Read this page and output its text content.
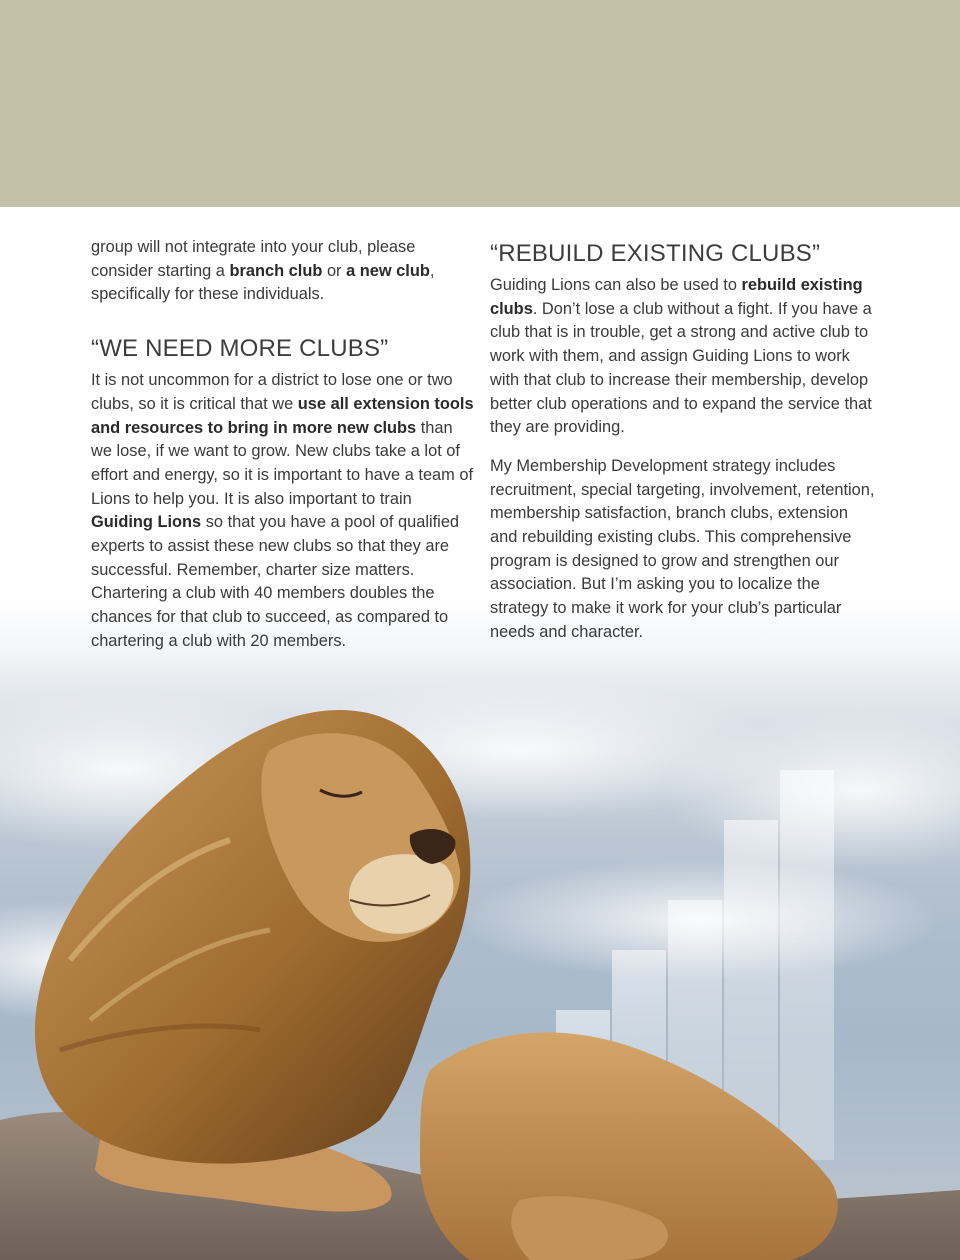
group will not integrate into your club, please consider starting a branch club or a new club, specifically for these individuals.

“WE NEED MORE CLUBS”

It is not uncommon for a district to lose one or two clubs, so it is critical that we use all extension tools and resources to bring in more new clubs than we lose, if we want to grow. New clubs take a lot of effort and energy, so it is important to have a team of Lions to help you. It is also important to train Guiding Lions so that you have a pool of qualified experts to assist these new clubs so that they are successful. Remember, charter size matters. Chartering a club with 40 members doubles the chances for that club to succeed, as compared to chartering a club with 20 members.

“REBUILD EXISTING CLUBS”

Guiding Lions can also be used to rebuild existing clubs. Don’t lose a club without a fight. If you have a club that is in trouble, get a strong and active club to work with them, and assign Guiding Lions to work with that club to increase their membership, develop better club operations and to expand the service that they are providing.

My Membership Development strategy includes recruitment, special targeting, involvement, retention, membership satisfaction, branch clubs, extension and rebuilding existing clubs. This comprehensive program is designed to grow and strengthen our association. But I’m asking you to localize the strategy to make it work for your club’s particular needs and character.
